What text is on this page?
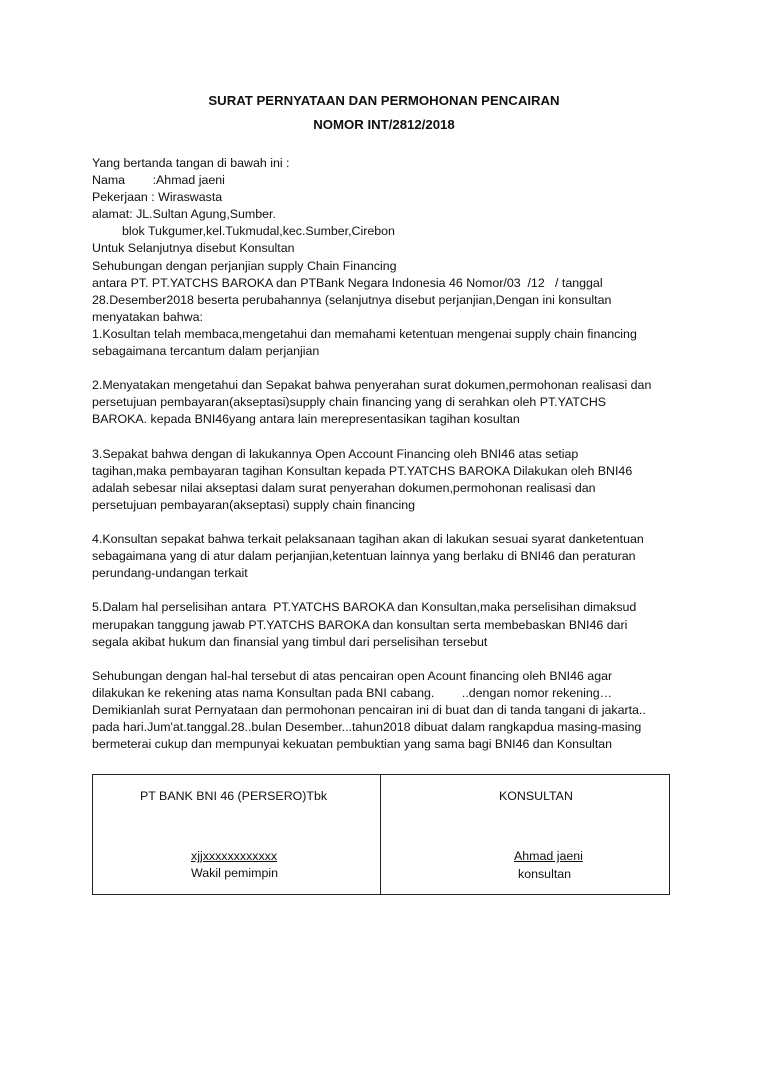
SURAT PERNYATAAN DAN PERMOHONAN PENCAIRAN
NOMOR INT/2812/2018
Yang bertanda tangan di bawah ini :
Nama        :Ahmad jaeni
Pekerjaan : Wiraswasta
alamat: JL.Sultan Agung,Sumber.
blok Tukgumer,kel.Tukmudal,kec.Sumber,Cirebon
Untuk Selanjutnya disebut Konsultan
Sehubungan dengan perjanjian supply Chain Financing
antara PT. PT.YATCHS BAROKA dan PTBank Negara Indonesia 46 Nomor/03  /12   / tanggal
28.Desember2018 beserta perubahannya (selanjutnya disebut perjanjian,Dengan ini konsultan
menyatakan bahwa:
1.Kosultan telah membaca,mengetahui dan memahami ketentuan mengenai supply chain financing
sebagaimana tercantum dalam perjanjian
2.Menyatakan mengetahui dan Sepakat bahwa penyerahan surat dokumen,permohonan realisasi dan
persetujuan pembayaran(akseptasi)supply chain financing yang di serahkan oleh PT.YATCHS
BAROKA. kepada BNI46yang antara lain merepresentasikan tagihan kosultan
3.Sepakat bahwa dengan di lakukannya Open Account Financing oleh BNI46 atas setiap
tagihan,maka pembayaran tagihan Konsultan kepada PT.YATCHS BAROKA Dilakukan oleh BNI46
adalah sebesar nilai akseptasi dalam surat penyerahan dokumen,permohonan realisasi dan
persetujuan pembayaran(akseptasi) supply chain financing
4.Konsultan sepakat bahwa terkait pelaksanaan tagihan akan di lakukan sesuai syarat danketentuan
sebagaimana yang di atur dalam perjanjian,ketentuan lainnya yang berlaku di BNI46 dan peraturan
perundang-undangan terkait
5.Dalam hal perselisihan antara  PT.YATCHS BAROKA dan Konsultan,maka perselisihan dimaksud
merupakan tanggung jawab PT.YATCHS BAROKA dan konsultan serta membebaskan BNI46 dari
segala akibat hukum dan finansial yang timbul dari perselisihan tersebut
Sehubungan dengan hal-hal tersebut di atas pencairan open Acount financing oleh BNI46 agar
dilakukan ke rekening atas nama Konsultan pada BNI cabang.        ..dengan nomor rekening…
Demikianlah surat Pernyataan dan permohonan pencairan ini di buat dan di tanda tangani di jakarta..
pada hari.Jum'at.tanggal.28..bulan Desember...tahun2018 dibuat dalam rangkapdua masing-masing
bermeterai cukup dan mempunyai kekuatan pembuktian yang sama bagi BNI46 dan Konsultan
PT BANK BNI 46 (PERSERO)Tbk
xjjxxxxxxxxxxxx
Wakil pemimpin
KONSULTAN
Ahmad jaeni
konsultan
